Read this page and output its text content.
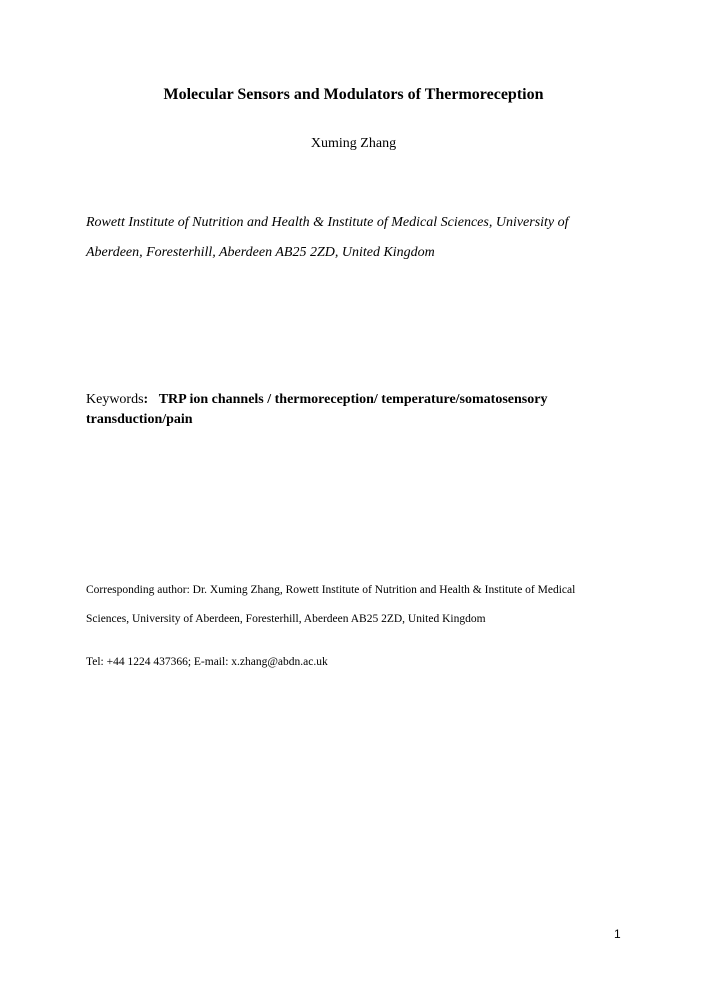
Molecular Sensors and Modulators of Thermoreception
Xuming Zhang
Rowett Institute of Nutrition and Health & Institute of Medical Sciences, University of
Aberdeen, Foresterhill, Aberdeen AB25 2ZD, United Kingdom
Keywords: TRP ion channels / thermoreception/ temperature/somatosensory
transduction/pain
Corresponding author: Dr. Xuming Zhang, Rowett Institute of Nutrition and Health & Institute of Medical
Sciences, University of Aberdeen, Foresterhill, Aberdeen AB25 2ZD, United Kingdom
Tel: +44 1224 437366; E-mail: x.zhang@abdn.ac.uk
1
